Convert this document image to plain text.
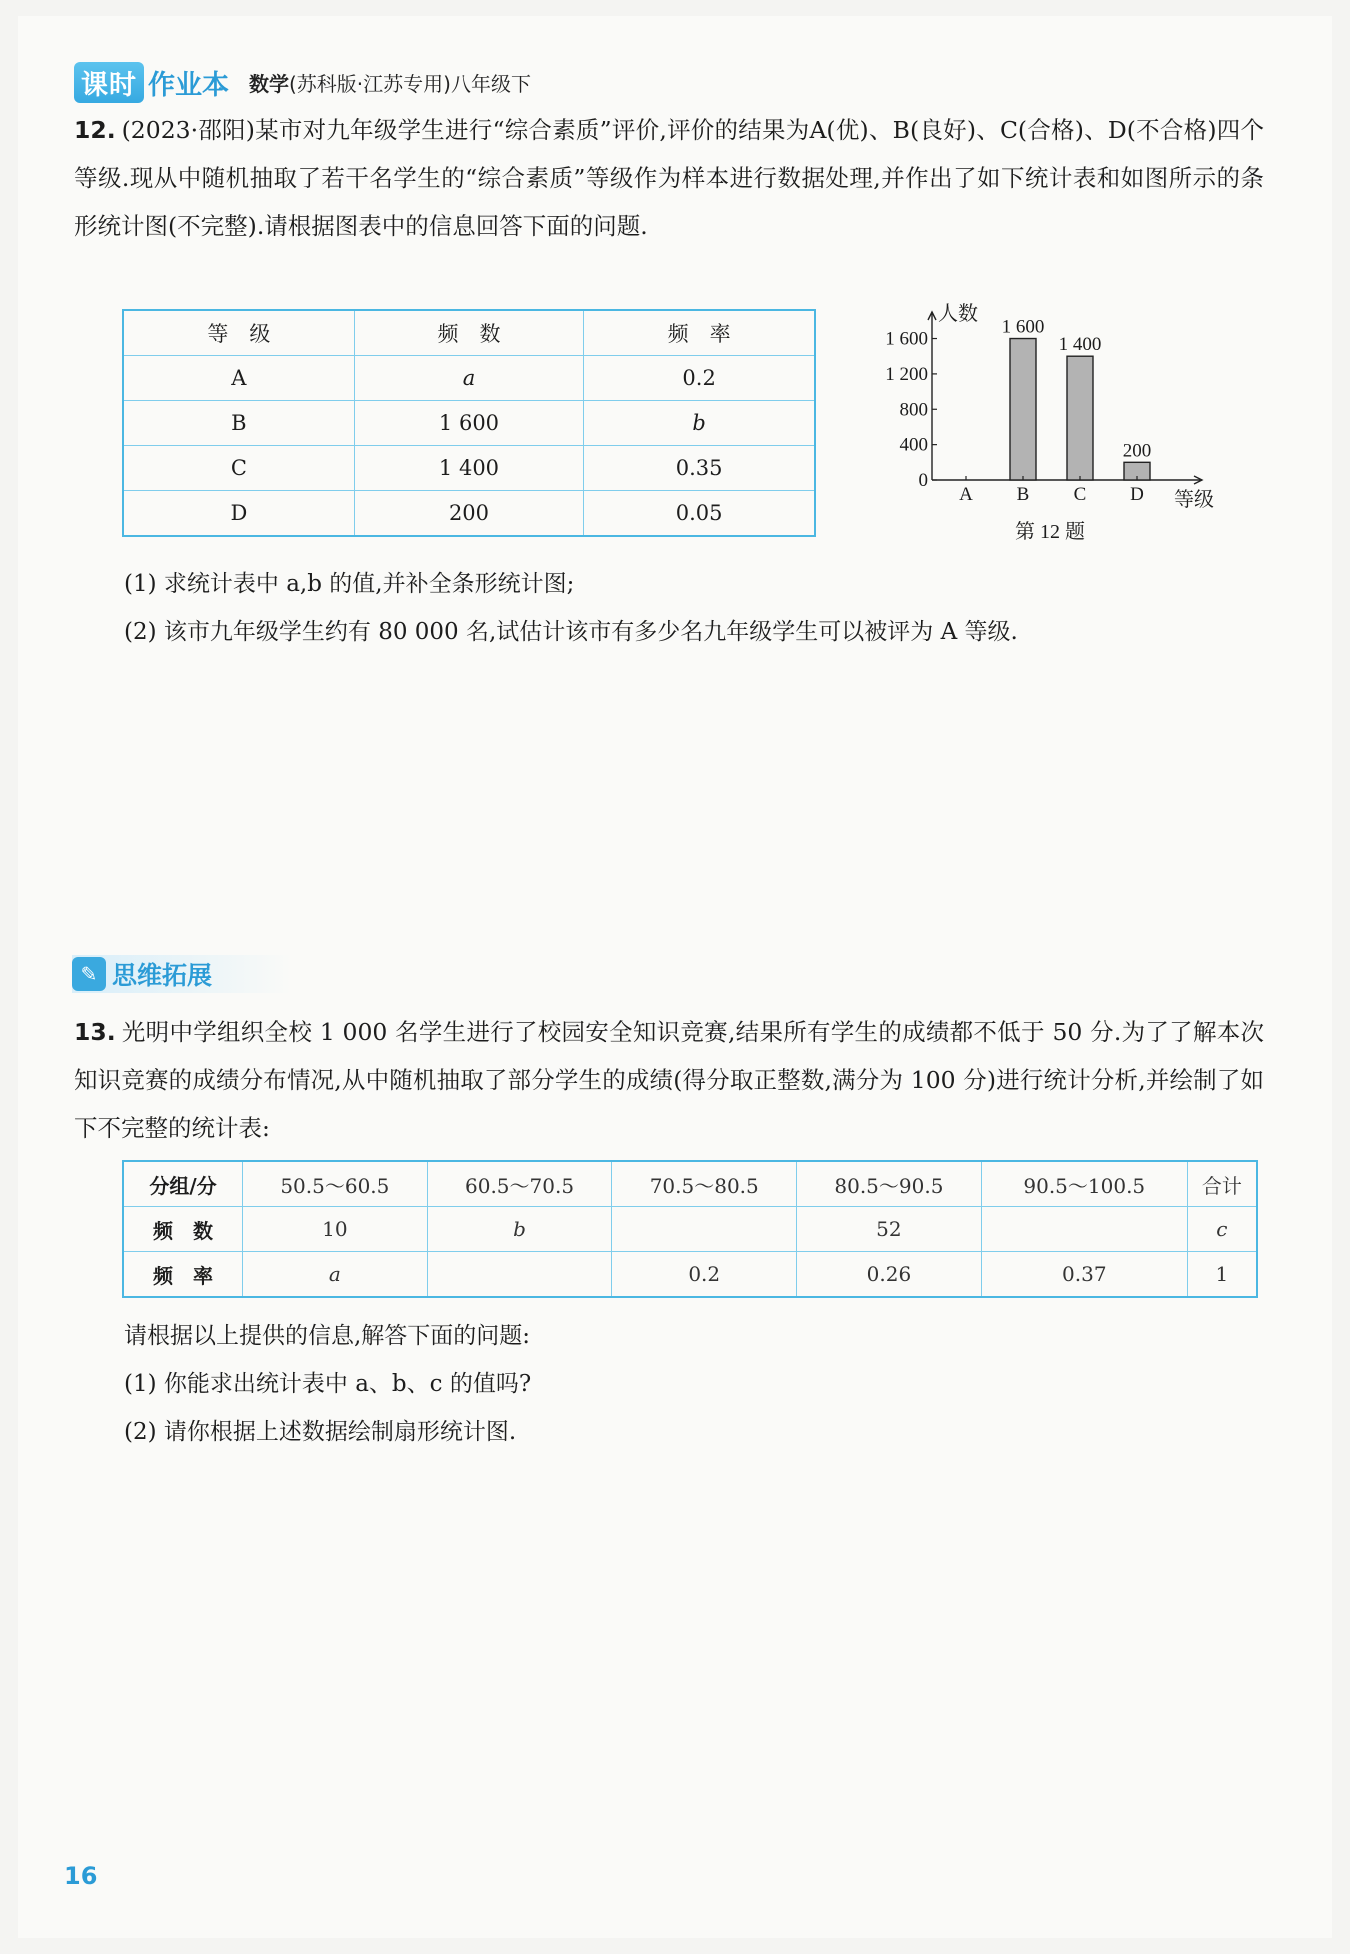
课时 作业本 数学 (苏科版·江苏专用)八年级下
12. (2023·邵阳)某市对九年级学生进行“综合素质”评价,评价的结果为A(优)、B(良好)、C(合格)、D(不合格)四个等级.现从中随机抽取了若干名学生的“综合素质”等级作为样本进行数据处理,并作出了如下统计表和如图所示的条形统计图(不完整).请根据图表中的信息回答下面的问题.
等　级	频　数	频　率
A	a	0.2
B	1 600	b
C	1 400	0.35
D	200	0.05
人数
0
400
800
1 200
1 600
A
1 600
B
1 400
C
200
D 等级
第 12 题
(1) 求统计表中 a,b 的值,并补全条形统计图;
(2) 该市九年级学生约有 80 000 名,试估计该市有多少名九年级学生可以被评为 A 等级.
✎ 思维拓展
13. 光明中学组织全校 1 000 名学生进行了校园安全知识竞赛,结果所有学生的成绩都不低于 50 分.为了了解本次知识竞赛的成绩分布情况,从中随机抽取了部分学生的成绩(得分取正整数,满分为 100 分)进行统计分析,并绘制了如下不完整的统计表:
分组/分	50.5～60.5	60.5～70.5	70.5～80.5	80.5～90.5	90.5～100.5	合计
频　数	10	b		52		c
频　率	a		0.2	0.26	0.37	1
请根据以上提供的信息,解答下面的问题:
(1) 你能求出统计表中 a、b、c 的值吗?
(2) 请你根据上述数据绘制扇形统计图.
16
